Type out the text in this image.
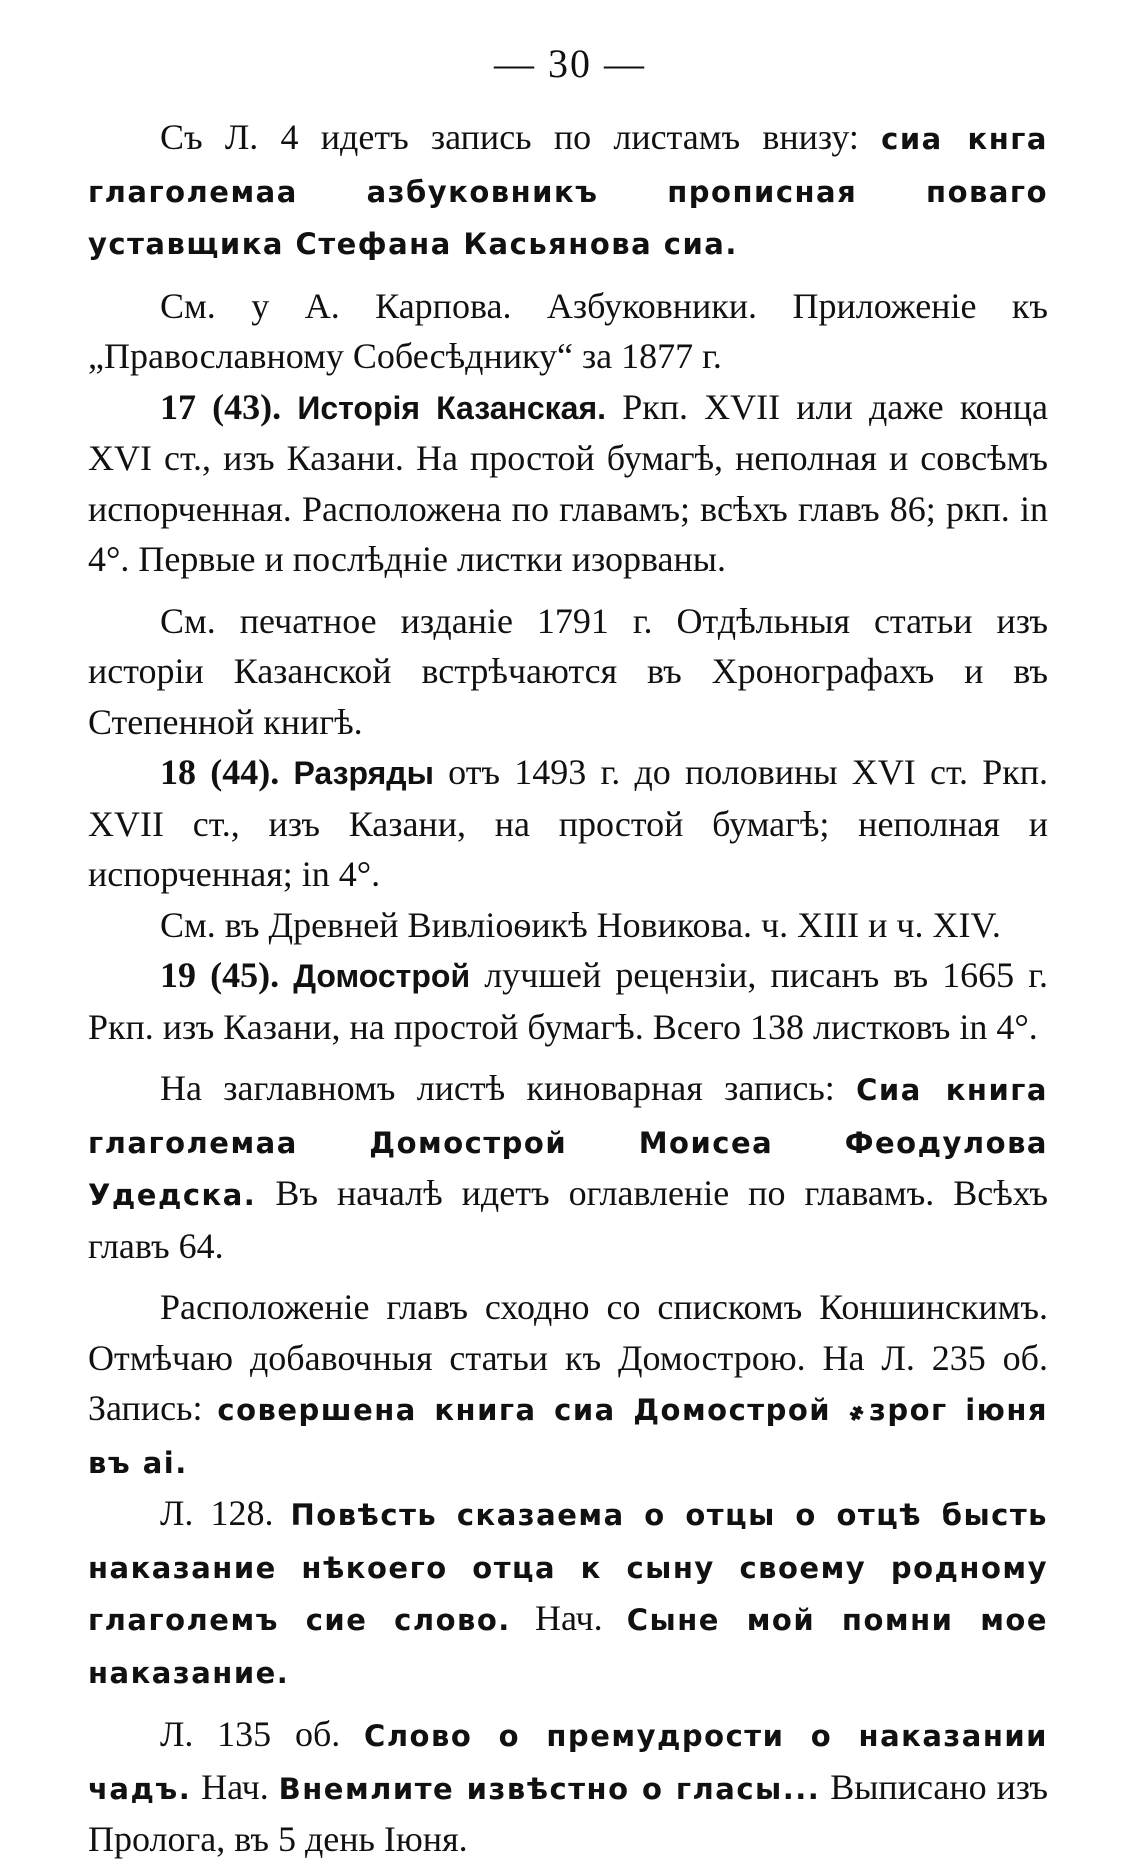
— 30 —

Съ Л. 4 идетъ запись по листамъ внизу: сиа кнга глаголемаа азбуковникъ прописная поваго уставщика Стефана Касьянова сиа.

См. у А. Карпова. Азбуковники. Приложеніе къ „Православному Собесѣднику“ за 1877 г.

17 (43). Исторія Казанская. Ркп. XVII или даже конца XVI ст., изъ Казани. На простой бумагѣ, неполная и совсѣмъ испорченная. Расположена по главамъ; всѣхъ главъ 86; ркп. in 4°. Первые и послѣдніе листки изорваны.

См. печатное изданіе 1791 г. Отдѣльныя статьи изъ исторіи Казанской встрѣчаются въ Хронографахъ и въ Степенной книгѣ.

18 (44). Разряды отъ 1493 г. до половины XVI ст. Ркп. XVII ст., изъ Казани, на простой бумагѣ; неполная и испорченная; in 4°.

См. въ Древней Вивліоѳикѣ Новикова. ч. XIII и ч. XIV.

19 (45). Домострой лучшей рецензіи, писанъ въ 1665 г. Ркп. изъ Казани, на простой бумагѣ. Всего 138 листковъ in 4°.

На заглавномъ листѣ киноварная запись: Сиа книга глаголемаа Домострой Моисеа Феодулова Удедска. Въ началѣ идетъ оглавленіе по главамъ. Всѣхъ главъ 64.

Расположеніе главъ сходно со спискомъ Коншинскимъ. Отмѣчаю добавочныя статьи къ Домострою. На Л. 235 об. Запись: совершена книга сиа Домострой ҂зрог іюня въ аі.

Л. 128. Повѣсть сказаема о отцы о отцѣ бысть наказание нѣкоего отца к сыну своему родному глаголемъ сие слово. Нач. Сыне мой помни мое наказание.

Л. 135 об. Слово о премудрости о наказании чадъ. Нач. Внемлите извѣстно о гласы... Выписано изъ Пролога, въ 5 день Іюня.
